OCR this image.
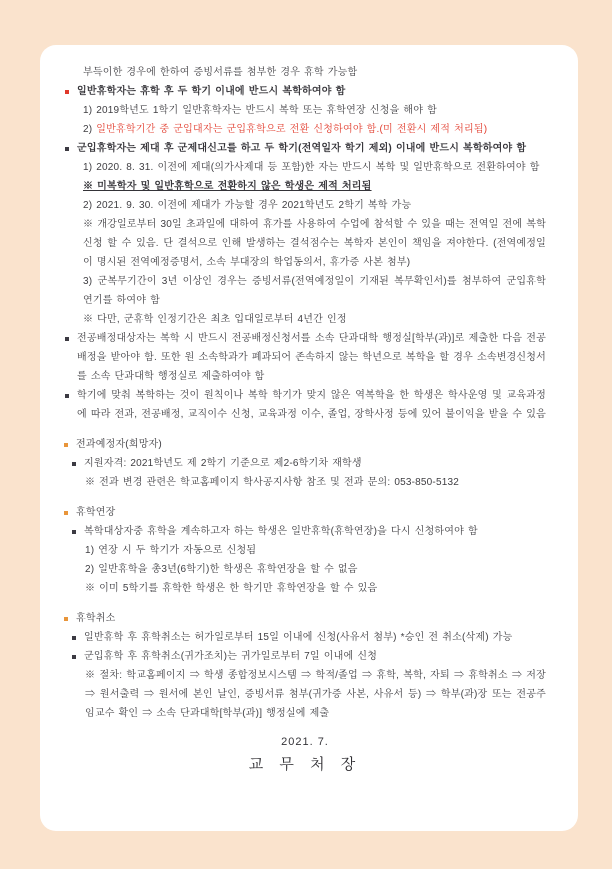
부득이한 경우에 한하여 증빙서류를 첨부한 경우 휴학 가능함
일반휴학자는 휴학 후 두 학기 이내에 반드시 복학하여야 함
1) 2019학년도 1학기 일반휴학자는 반드시 복학 또는 휴학연장 신청을 해야 함
2) 일반휴학기간 중 군입대자는 군입휴학으로 전환 신청하여야 함.(미 전환시 제적 처리됨)
군입휴학자는 제대 후 군제대신고를 하고 두 학기(전역일자 학기 제외) 이내에 반드시 복학하여야 함
1) 2020. 8. 31. 이전에 제대(의가사제대 등 포함)한 자는 반드시 복학 및 일반휴학으로 전환하여야 함
※ 미복학자 및 일반휴학으로 전환하지 않은 학생은 제적 처리됨
2) 2021. 9. 30. 이전에 제대가 가능할 경우 2021학년도 2학기 복학 가능
※ 개강일로부터 30일 초과일에 대하여 휴가를 사용하여 수업에 참석할 수 있을 때는 전역일 전에 복학신청 할 수 있음. 단 결석으로 인해 발생하는 결석점수는 복학자 본인이 책임을 져야한다. (전역예정일이 명시된 전역예정증명서, 소속 부대장의 학업동의서, 휴가증 사본 첨부)
3) 군복무기간이 3년 이상인 경우는 증빙서류(전역예정일이 기재된 복무확인서)를 첨부하여 군입휴학 연기를 하여야 함
※ 다만, 군휴학 인정기간은 최초 입대일로부터 4년간 인정
전공배정대상자는 복학 시 반드시 전공배정신청서를 소속 단과대학 행정실[학부(과)]로 제출한 다음 전공배정을 받아야 함. 또한 원 소속학과가 폐과되어 존속하지 않는 학년으로 복학을 할 경우 소속변경신청서를 소속 단과대학 행정실로 제출하여야 함
학기에 맞춰 복학하는 것이 원칙이나 복학 학기가 맞지 않은 역복학을 한 학생은 학사운영 및 교육과정에 따라 전과, 전공배정, 교직이수 신청, 교육과정 이수, 졸업, 장학사정 등에 있어 불이익을 받을 수 있음
전과예정자(희망자)
지원자격: 2021학년도 제 2학기 기준으로 제2-6학기차 재학생
※ 전과 변경 관련은 학교홈페이지 학사공지사항 참조 및 전과 문의: 053-850-5132
휴학연장
복학대상자중 휴학을 계속하고자 하는 학생은 일반휴학(휴학연장)을 다시 신청하여야 함
1) 연장 시 두 학기가 자동으로 신청됨
2) 일반휴학을 총3년(6학기)한 학생은 휴학연장을 할 수 없음
※ 이미 5학기를 휴학한 학생은 한 학기만 휴학연장을 할 수 있음
휴학취소
일반휴학 후 휴학취소는 허가일로부터 15일 이내에 신청(사유서 첨부) *승인 전 취소(삭제) 가능
군입휴학 후 휴학취소(귀가조치)는 귀가일로부터 7일 이내에 신청
※ 절차: 학교홈페이지 ⇒ 학생 종합정보시스템 ⇒ 학적/졸업 ⇒ 휴학, 복학, 자퇴 ⇒ 휴학취소 ⇒ 저장 ⇒ 원서출력 ⇒ 원서에 본인 날인, 증빙서류 첨부(귀가증 사본, 사유서 등) ⇒ 학부(과)장 또는 전공주임교수 확인 ⇒ 소속 단과대학[학부(과)] 행정실에 제출
2021. 7.
교 무 처 장
